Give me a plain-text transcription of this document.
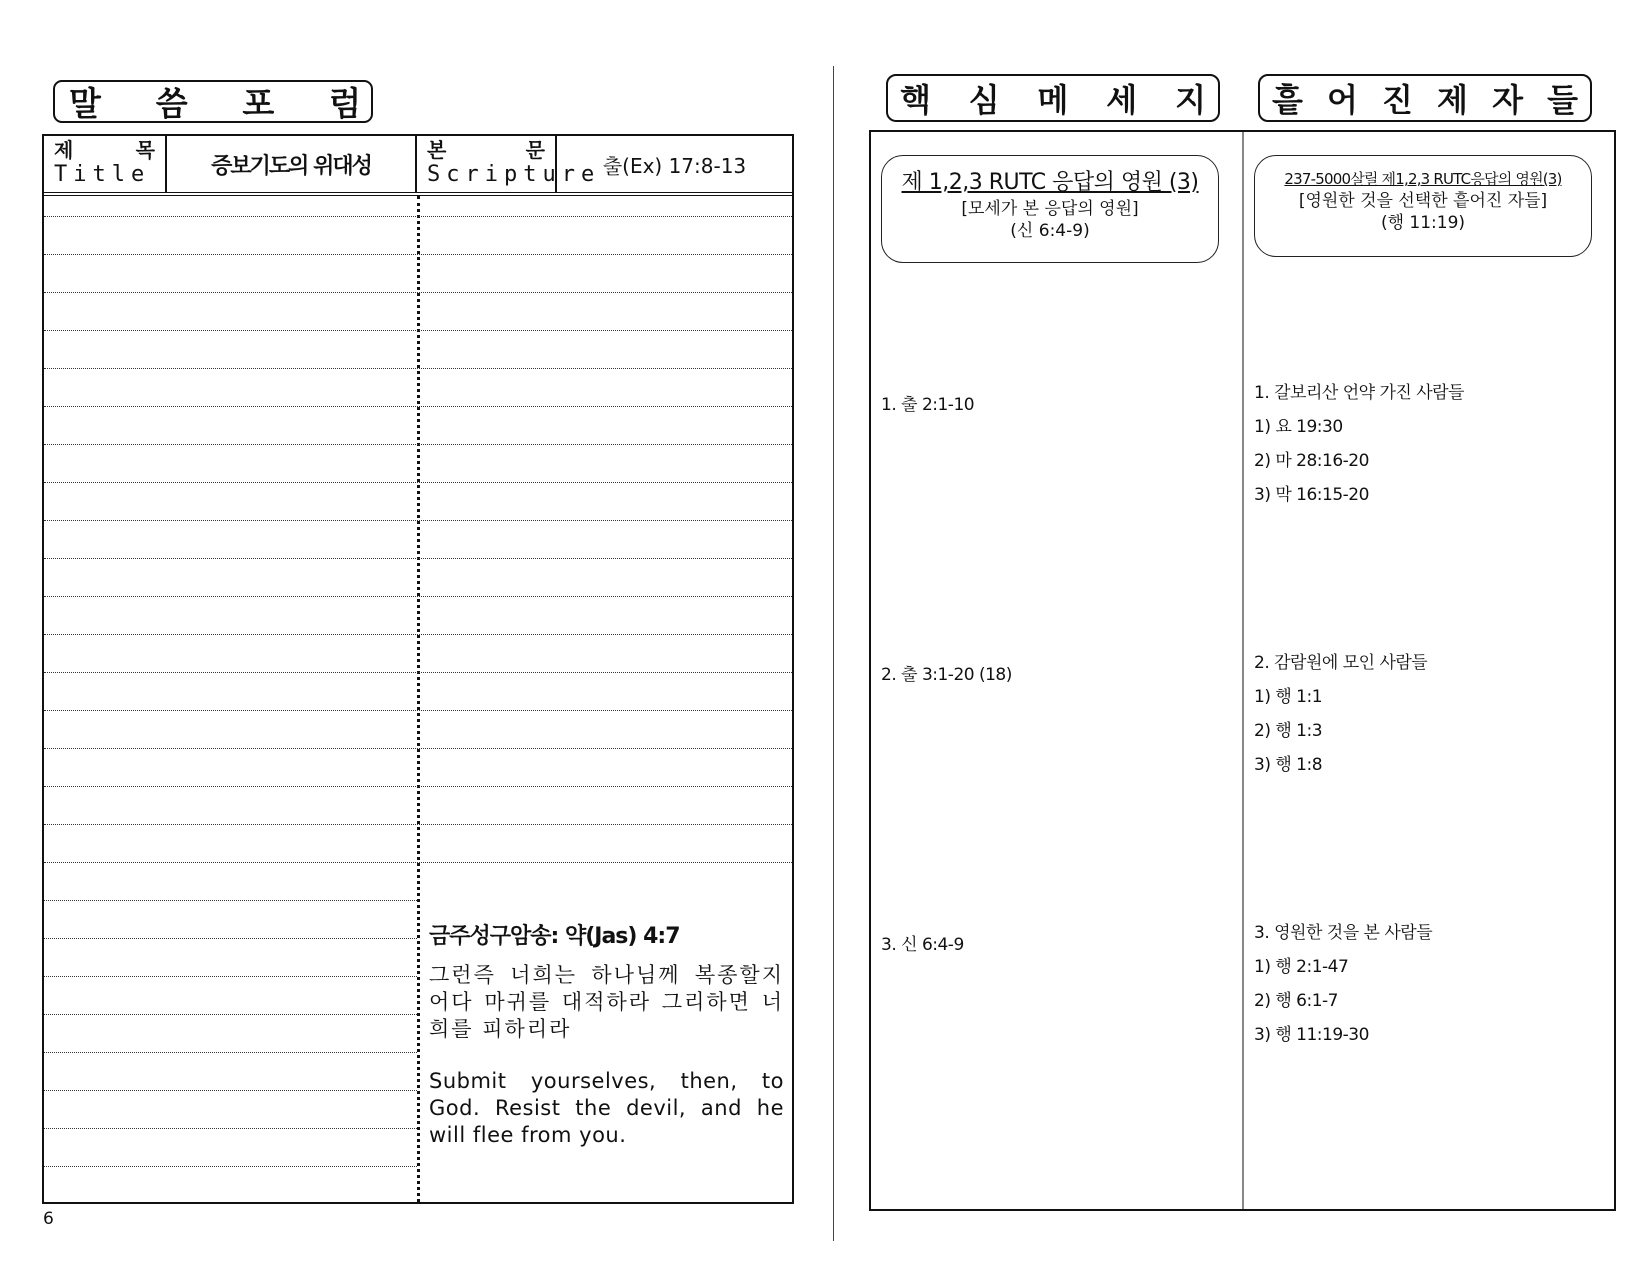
말 씀 포 럼
제	목
Title	증보기도의 위대성
본	문
Scripture 출(Ex) 17:8-13

금주성구암송: 약(Jas) 4:7

그런즉 너희는 하나님께 복종할지어다 마귀를 대적하라 그리하면 너희를 피하리라

Submit yourselves, then, to God. Resist the devil, and he will flee from you.

6
핵 심 메 세 지 흩 어 진 제 자 들
제 1,2,3 RUTC 응답의 영원 (3)
[모세가 본 응답의 영원]
(신 6:4-9)
237-5000살릴 제1,2,3 RUTC응답의 영원(3)
[영원한 것을 선택한 흩어진 자들]
(행 11:19)
1. 출 2:1-10
2. 출 3:1-20 (18)
3. 신 6:4-9
1. 갈보리산 언약 가진 사람들
1) 요 19:30
2) 마 28:16-20
3) 막 16:15-20
2. 감람원에 모인 사람들
1) 행 1:1
2) 행 1:3
3) 행 1:8
3. 영원한 것을 본 사람들
1) 행 2:1-47
2) 행 6:1-7
3) 행 11:19-30
